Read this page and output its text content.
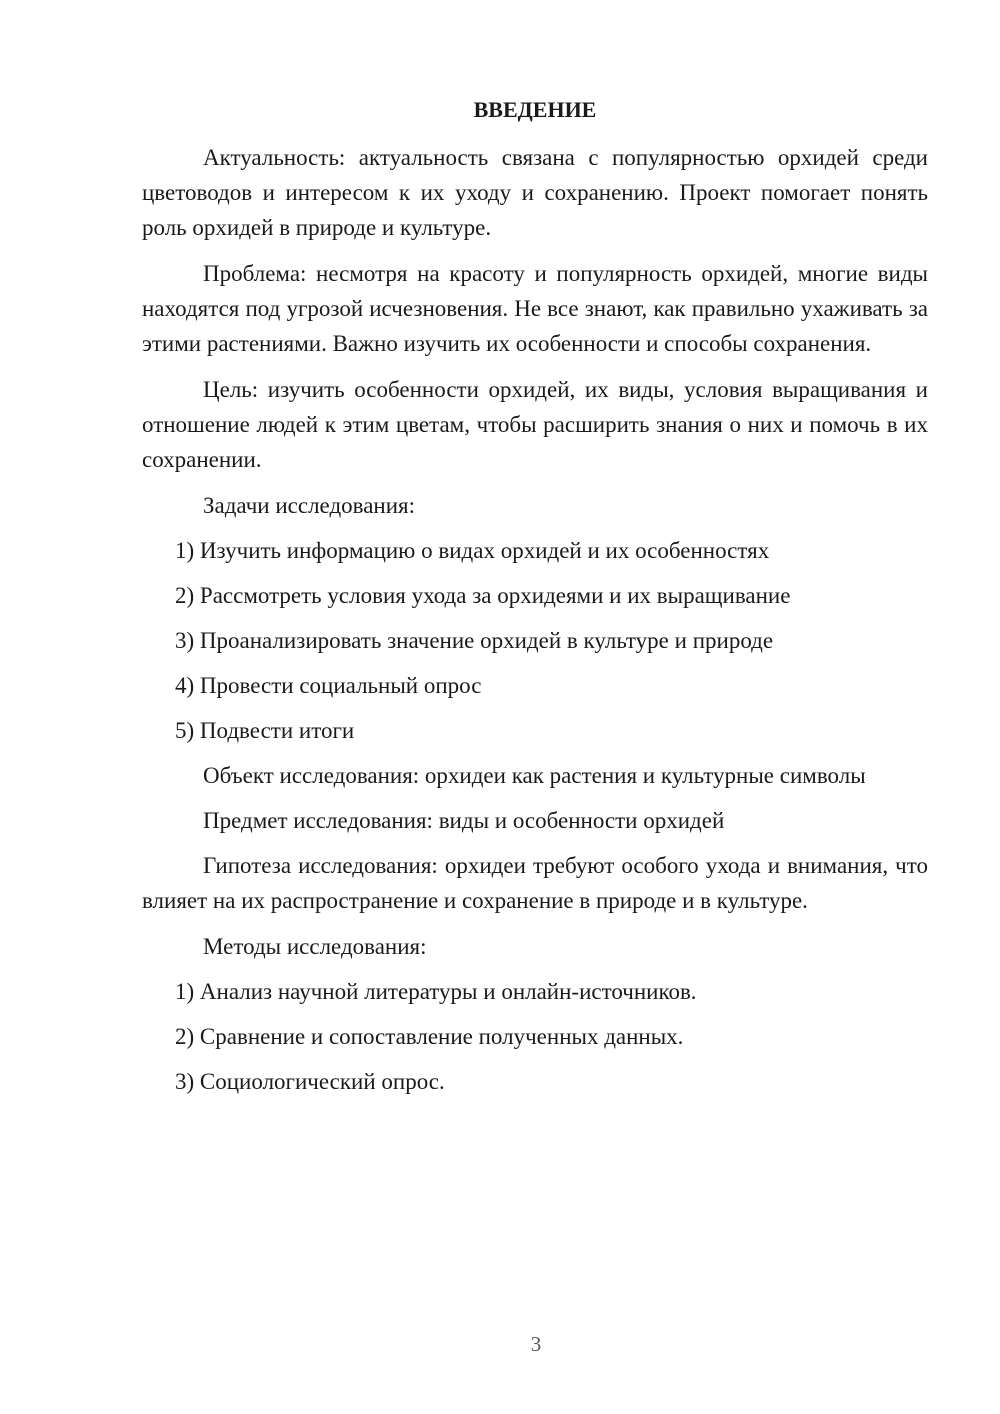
ВВЕДЕНИЕ

Актуальность: актуальность связана с популярностью орхидей среди цветоводов и интересом к их уходу и сохранению. Проект помогает понять роль орхидей в природе и культуре.

Проблема: несмотря на красоту и популярность орхидей, многие виды находятся под угрозой исчезновения. Не все знают, как правильно ухаживать за этими растениями. Важно изучить их особенности и способы сохранения.

Цель: изучить особенности орхидей, их виды, условия выращивания и отношение людей к этим цветам, чтобы расширить знания о них и помочь в их сохранении.

Задачи исследования:
1) Изучить информацию о видах орхидей и их особенностях
2) Рассмотреть условия ухода за орхидеями и их выращивание
3) Проанализировать значение орхидей в культуре и природе
4) Провести социальный опрос
5) Подвести итоги
Объект исследования: орхидеи как растения и культурные символы
Предмет исследования: виды и особенности орхидей

Гипотеза исследования: орхидеи требуют особого ухода и внимания, что влияет на их распространение и сохранение в природе и в культуре.

Методы исследования:
1) Анализ научной литературы и онлайн-источников.
2) Сравнение и сопоставление полученных данных.
3) Социологический опрос.
3
